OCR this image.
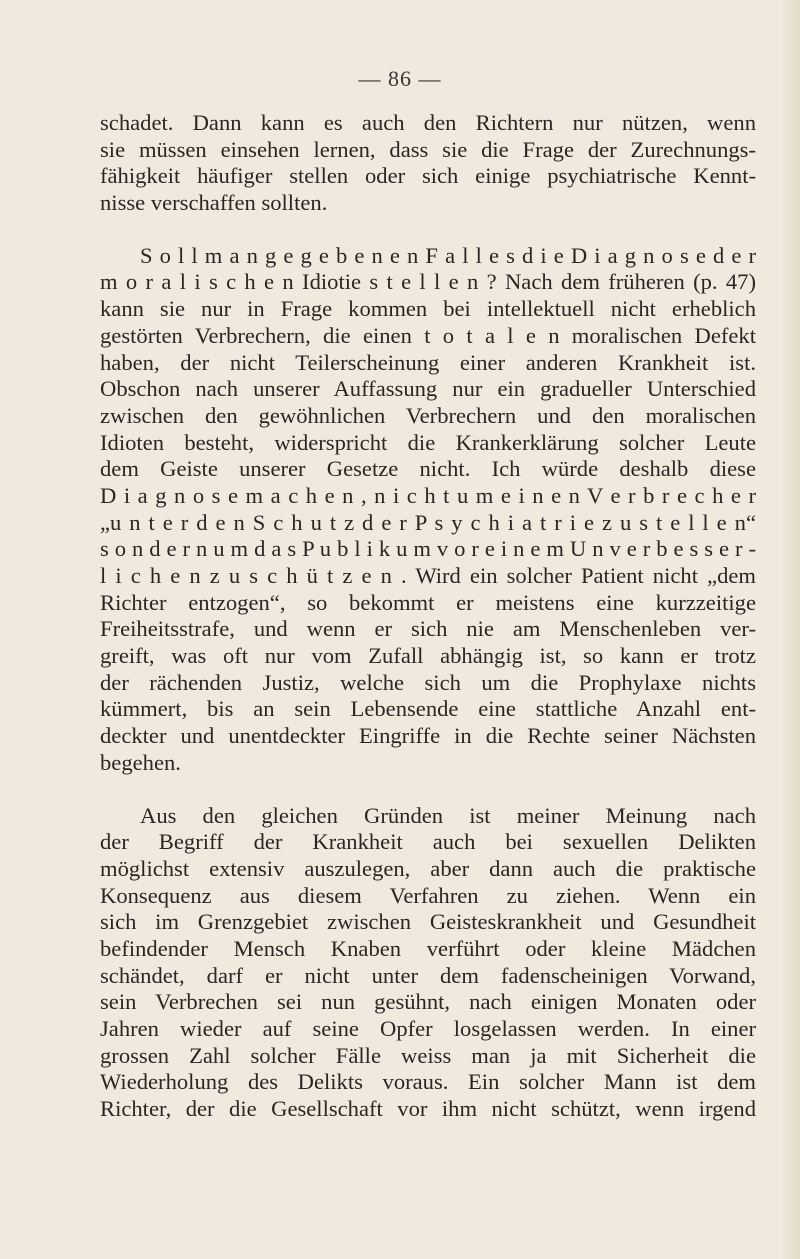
— 86 —
schadet. Dann kann es auch den Richtern nur nützen, wenn
sie müssen einsehen lernen, dass sie die Frage der Zurechnungs-
fähigkeit häufiger stellen oder sich einige psychiatrische Kennt-
nisse verschaffen sollten.
S o l l m a n g e g e b e n e n F a l l e s d i e D i a g n o s e d e r
m o r a l i s c h e n Idiotie s t e l l e n ? Nach dem früheren (p. 47)
kann sie nur in Frage kommen bei intellektuell nicht erheblich
gestörten Verbrechern, die einen t o t a l e n moralischen Defekt
haben, der nicht Teilerscheinung einer anderen Krankheit ist.
Obschon nach unserer Auffassung nur ein gradueller Unterschied
zwischen den gewöhnlichen Verbrechern und den moralischen
Idioten besteht, widerspricht die Krankerklärung solcher Leute
dem Geiste unserer Gesetze nicht. Ich würde deshalb diese
D i a g n o s e m a c h e n , n i c h t u m e i n e n V e r b r e c h e r
„u n t e r d e n S c h u t z d e r P s y c h i a t r i e z u s t e l l e n“
s o n d e r n u m d a s P u b l i k u m v o r e i n e m U n v e r b e s s e r -
l i c h e n z u s c h ü t z e n . Wird ein solcher Patient nicht „dem
Richter entzogen“, so bekommt er meistens eine kurzzeitige
Freiheitsstrafe, und wenn er sich nie am Menschenleben ver-
greift, was oft nur vom Zufall abhängig ist, so kann er trotz
der rächenden Justiz, welche sich um die Prophylaxe nichts
kümmert, bis an sein Lebensende eine stattliche Anzahl ent-
deckter und unentdeckter Eingriffe in die Rechte seiner Nächsten
begehen.
Aus den gleichen Gründen ist meiner Meinung nach
der Begriff der Krankheit auch bei sexuellen Delikten
möglichst extensiv auszulegen, aber dann auch die praktische
Konsequenz aus diesem Verfahren zu ziehen. Wenn ein
sich im Grenzgebiet zwischen Geisteskrankheit und Gesundheit
befindender Mensch Knaben verführt oder kleine Mädchen
schändet, darf er nicht unter dem fadenscheinigen Vorwand,
sein Verbrechen sei nun gesühnt, nach einigen Monaten oder
Jahren wieder auf seine Opfer losgelassen werden. In einer
grossen Zahl solcher Fälle weiss man ja mit Sicherheit die
Wiederholung des Delikts voraus. Ein solcher Mann ist dem
Richter, der die Gesellschaft vor ihm nicht schützt, wenn irgend
